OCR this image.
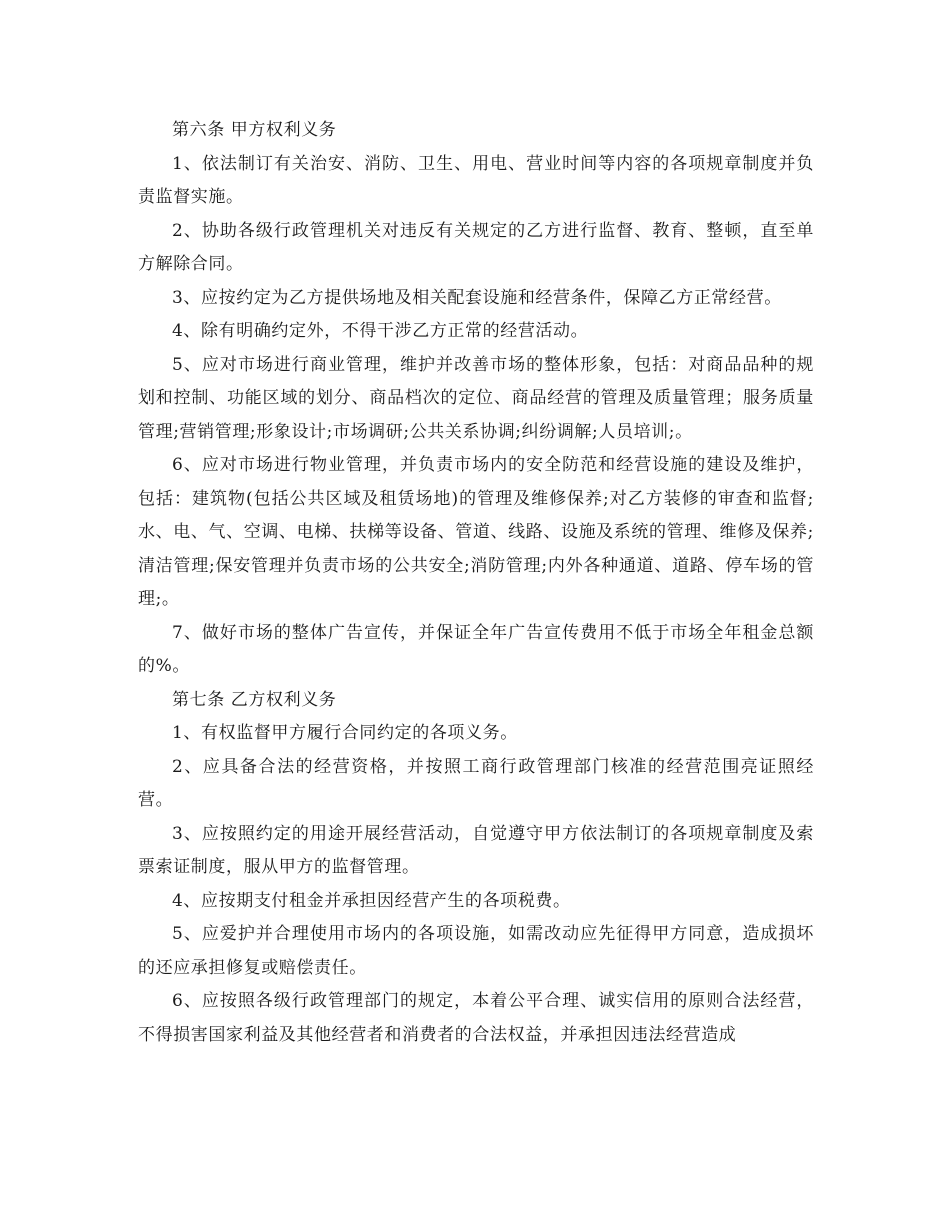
第六条 甲方权利义务

1、依法制订有关治安、消防、卫生、用电、营业时间等内容的各项规章制度并负责监督实施。

2、协助各级行政管理机关对违反有关规定的乙方进行监督、教育、整顿，直至单方解除合同。

3、应按约定为乙方提供场地及相关配套设施和经营条件，保障乙方正常经营。

4、除有明确约定外，不得干涉乙方正常的经营活动。

5、应对市场进行商业管理，维护并改善市场的整体形象，包括：对商品品种的规划和控制、功能区域的划分、商品档次的定位、商品经营的管理及质量管理；服务质量管理;营销管理;形象设计;市场调研;公共关系协调;纠纷调解;人员培训;。

6、应对市场进行物业管理，并负责市场内的安全防范和经营设施的建设及维护，包括：建筑物(包括公共区域及租赁场地)的管理及维修保养;对乙方装修的审查和监督;水、电、气、空调、电梯、扶梯等设备、管道、线路、设施及系统的管理、维修及保养;清洁管理;保安管理并负责市场的公共安全;消防管理;内外各种通道、道路、停车场的管理;。

7、做好市场的整体广告宣传，并保证全年广告宣传费用不低于市场全年租金总额的%。

第七条 乙方权利义务

1、有权监督甲方履行合同约定的各项义务。

2、应具备合法的经营资格，并按照工商行政管理部门核准的经营范围亮证照经营。

3、应按照约定的用途开展经营活动，自觉遵守甲方依法制订的各项规章制度及索票索证制度，服从甲方的监督管理。

4、应按期支付租金并承担因经营产生的各项税费。

5、应爱护并合理使用市场内的各项设施，如需改动应先征得甲方同意，造成损坏的还应承担修复或赔偿责任。

6、应按照各级行政管理部门的规定，本着公平合理、诚实信用的原则合法经营，不得损害国家利益及其他经营者和消费者的合法权益，并承担因违法经营造成
